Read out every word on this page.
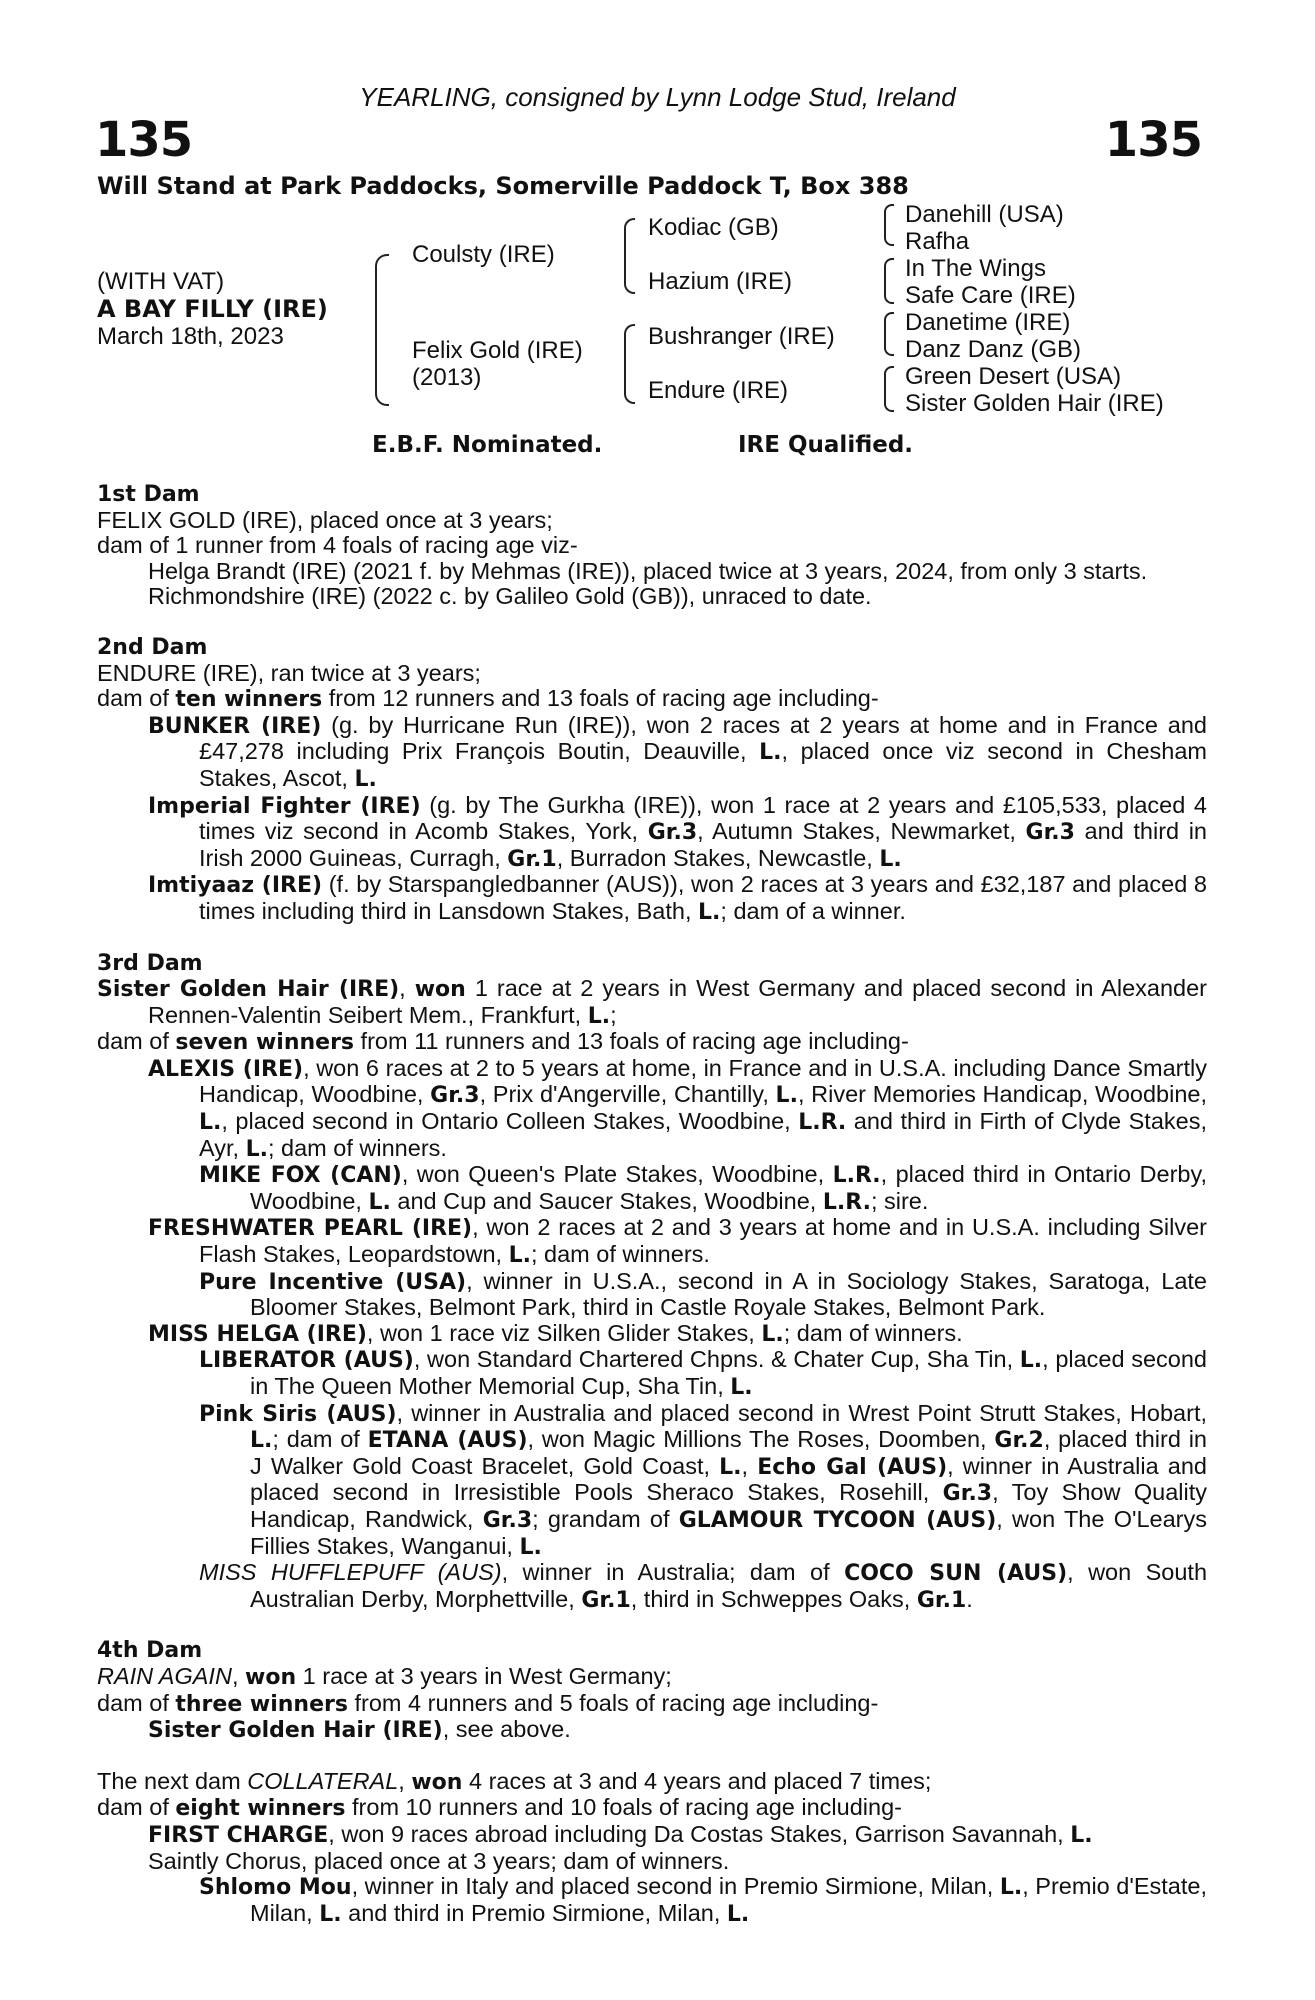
YEARLING, consigned by Lynn Lodge Stud, Ireland
135	135
Will Stand at Park Paddocks, Somerville Paddock T, Box 388
(WITH VAT)
A BAY FILLY (IRE)
March 18th, 2023
Coulsty (IRE)
Felix Gold (IRE)
(2013)
Kodiac (GB)
Hazium (IRE)
Bushranger (IRE)
Endure (IRE)
Danehill (USA)
Rafha
In The Wings
Safe Care (IRE)
Danetime (IRE)
Danz Danz (GB)
Green Desert (USA)
Sister Golden Hair (IRE)
E.B.F. Nominated.	IRE Qualified.

1st Dam

FELIX GOLD (IRE), placed once at 3 years;

dam of 1 runner from 4 foals of racing age viz-

Helga Brandt (IRE) (2021 f. by Mehmas (IRE)), placed twice at 3 years, 2024, from only 3 starts.

Richmondshire (IRE) (2022 c. by Galileo Gold (GB)), unraced to date.

2nd Dam

ENDURE (IRE), ran twice at 3 years;

dam of ten winners from 12 runners and 13 foals of racing age including-

BUNKER (IRE) (g. by Hurricane Run (IRE)), won 2 races at 2 years at home and in France and £47,278 including Prix François Boutin, Deauville, L., placed once viz second in Chesham Stakes, Ascot, L.

Imperial Fighter (IRE) (g. by The Gurkha (IRE)), won 1 race at 2 years and £105,533, placed 4 times viz second in Acomb Stakes, York, Gr.3, Autumn Stakes, Newmarket, Gr.3 and third in Irish 2000 Guineas, Curragh, Gr.1, Burradon Stakes, Newcastle, L.

Imtiyaaz (IRE) (f. by Starspangledbanner (AUS)), won 2 races at 3 years and £32,187 and placed 8 times including third in Lansdown Stakes, Bath, L.; dam of a winner.

3rd Dam

Sister Golden Hair (IRE), won 1 race at 2 years in West Germany and placed second in Alexander Rennen-Valentin Seibert Mem., Frankfurt, L.;

dam of seven winners from 11 runners and 13 foals of racing age including-

ALEXIS (IRE), won 6 races at 2 to 5 years at home, in France and in U.S.A. including Dance Smartly Handicap, Woodbine, Gr.3, Prix d'Angerville, Chantilly, L., River Memories Handicap, Woodbine, L., placed second in Ontario Colleen Stakes, Woodbine, L.R. and third in Firth of Clyde Stakes, Ayr, L.; dam of winners.

MIKE FOX (CAN), won Queen's Plate Stakes, Woodbine, L.R., placed third in Ontario Derby, Woodbine, L. and Cup and Saucer Stakes, Woodbine, L.R.; sire.

FRESHWATER PEARL (IRE), won 2 races at 2 and 3 years at home and in U.S.A. including Silver Flash Stakes, Leopardstown, L.; dam of winners.

Pure Incentive (USA), winner in U.S.A., second in A in Sociology Stakes, Saratoga, Late Bloomer Stakes, Belmont Park, third in Castle Royale Stakes, Belmont Park.

MISS HELGA (IRE), won 1 race viz Silken Glider Stakes, L.; dam of winners.

LIBERATOR (AUS), won Standard Chartered Chpns. & Chater Cup, Sha Tin, L., placed second in The Queen Mother Memorial Cup, Sha Tin, L.

Pink Siris (AUS), winner in Australia and placed second in Wrest Point Strutt Stakes, Hobart, L.; dam of ETANA (AUS), won Magic Millions The Roses, Doomben, Gr.2, placed third in J Walker Gold Coast Bracelet, Gold Coast, L., Echo Gal (AUS), winner in Australia and placed second in Irresistible Pools Sheraco Stakes, Rosehill, Gr.3, Toy Show Quality Handicap, Randwick, Gr.3; grandam of GLAMOUR TYCOON (AUS), won The O'Learys Fillies Stakes, Wanganui, L.

MISS HUFFLEPUFF (AUS), winner in Australia; dam of COCO SUN (AUS), won South Australian Derby, Morphettville, Gr.1, third in Schweppes Oaks, Gr.1.

4th Dam

RAIN AGAIN, won 1 race at 3 years in West Germany;

dam of three winners from 4 runners and 5 foals of racing age including-

Sister Golden Hair (IRE), see above.

The next dam COLLATERAL, won 4 races at 3 and 4 years and placed 7 times;

dam of eight winners from 10 runners and 10 foals of racing age including-

FIRST CHARGE, won 9 races abroad including Da Costas Stakes, Garrison Savannah, L.

Saintly Chorus, placed once at 3 years; dam of winners.

Shlomo Mou, winner in Italy and placed second in Premio Sirmione, Milan, L., Premio d'Estate, Milan, L. and third in Premio Sirmione, Milan, L.
